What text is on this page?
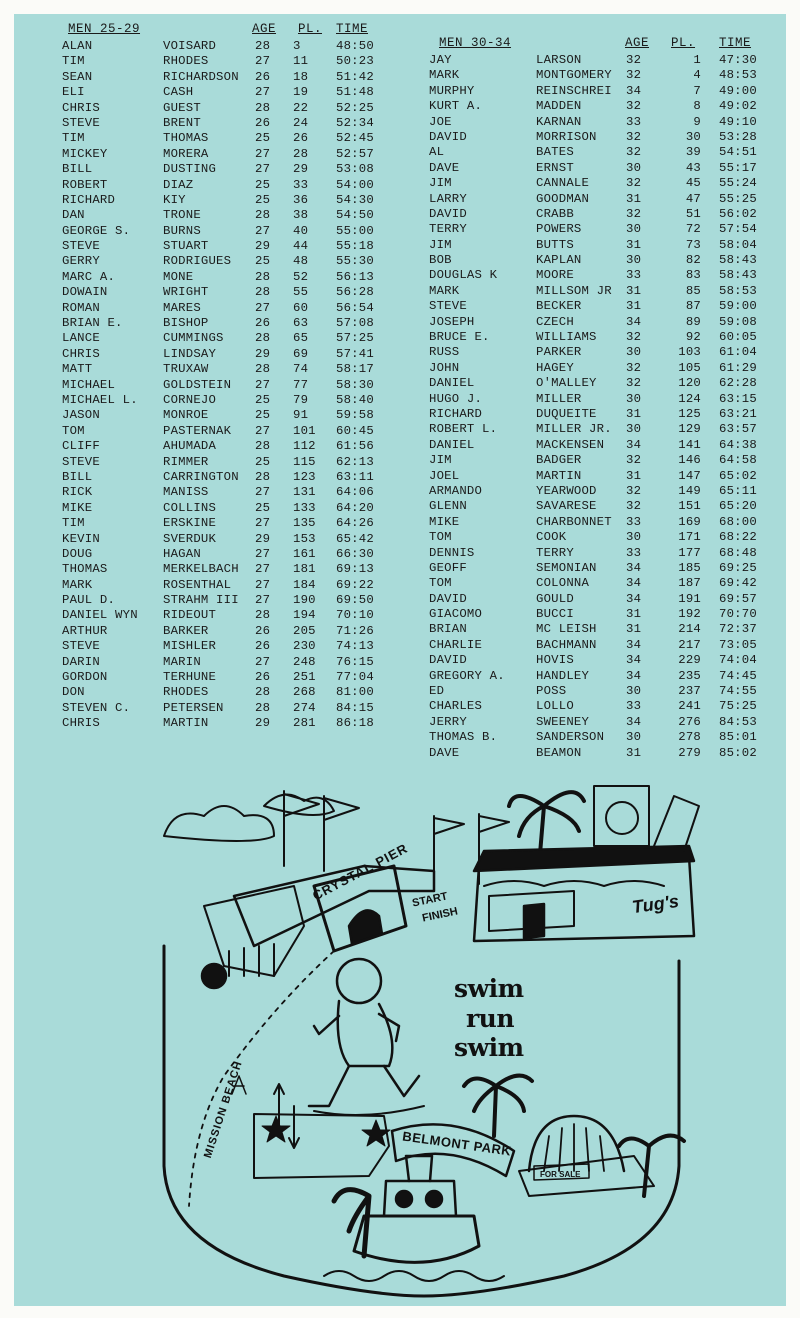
MEN 25-29	AGE PL. TIME
ALAN	VOISARD	28 3	48:50
TIM	RHODES	27 11 50:23
SEAN	RICHARDSON 26 18 51:42
ELI	CASH	27 19 51:48
CHRIS	GUEST	28 22 52:25
STEVE	BRENT	26 24 52:34
TIM	THOMAS	25 26 52:45
MICKEY	MORERA	27 28 52:57
BILL	DUSTING	27 29 53:08
ROBERT	DIAZ	25 33 54:00
RICHARD	KIY	25 36 54:30
DAN	TRONE	28 38 54:50
GEORGE S.	BURNS	27 40 55:00
STEVE	STUART	29 44 55:18
GERRY	RODRIGUES 25 48 55:30
MARC A.	MONE	28 52 56:13
DOWAIN	WRIGHT	28 55 56:28
ROMAN	MARES	27 60 56:54
BRIAN E.	BISHOP	26 63 57:08
LANCE	CUMMINGS	28 65 57:25
CHRIS	LINDSAY	29 69 57:41
MATT	TRUXAW	28 74 58:17
MICHAEL	GOLDSTEIN 27 77 58:30
MICHAEL L. CORNEJO	25 79 58:40
JASON	MONROE	25 91 59:58
TOM	PASTERNAK 27 101 60:45
CLIFF	AHUMADA	28 112 61:56
STEVE	RIMMER	25 115 62:13
BILL	CARRINGTON 28 123 63:11
RICK	MANISS	27 131 64:06
MIKE	COLLINS	25 133 64:20
TIM	ERSKINE	27 135 64:26
KEVIN	SVERDUK	29 153 65:42
DOUG	HAGAN	27 161 66:30
THOMAS	MERKELBACH 27 181 69:13
MARK	ROSENTHAL 27 184 69:22
PAUL D.	STRAHM III 27 190 69:50
DANIEL WYN RIDEOUT	28 194 70:10
ARTHUR	BARKER	26 205 71:26
STEVE	MISHLER	26 230 74:13
DARIN	MARIN	27 248 76:15
GORDON	TERHUNE	26 251 77:04
DON	RHODES	28 268 81:00
STEVEN C.	PETERSEN	28 274 84:15
CHRIS	MARTIN	29 281 86:18
MEN 30-34	AGE PL. TIME
JAY	LARSON	32	1 47:30
MARK	MONTGOMERY 32	4 48:53
MURPHY	REINSCHREI 34	7 49:00
KURT A.	MADDEN	32	8 49:02
JOE	KARNAN	33	9 49:10
DAVID	MORRISON 32	30 53:28
AL	BATES	32	39 54:51
DAVE	ERNST	30	43 55:17
JIM	CANNALE	32	45 55:24
LARRY	GOODMAN	31	47 55:25
DAVID	CRABB	32	51 56:02
TERRY	POWERS	30	72 57:54
JIM	BUTTS	31	73 58:04
BOB	KAPLAN	30	82 58:43
DOUGLAS K	MOORE	33	83 58:43
MARK	MILLSOM JR 31	85 58:53
STEVE	BECKER	31	87 59:00
JOSEPH	CZECH	34	89 59:08
BRUCE E.	WILLIAMS 32	92 60:05
RUSS	PARKER	30	103 61:04
JOHN	HAGEY	32	105 61:29
DANIEL	O'MALLEY 32	120 62:28
HUGO J.	MILLER	30	124 63:15
RICHARD	DUQUEITE 31	125 63:21
ROBERT L.	MILLER JR. 30	129 63:57
DANIEL	MACKENSEN 34	141 64:38
JIM	BADGER	32	146 64:58
JOEL	MARTIN	31	147 65:02
ARMANDO	YEARWOOD 32	149 65:11
GLENN	SAVARESE 32	151 65:20
MIKE	CHARBONNET 33	169 68:00
TOM	COOK	30	171 68:22
DENNIS	TERRY	33	177 68:48
GEOFF	SEMONIAN 34	185 69:25
TOM	COLONNA	34	187 69:42
DAVID	GOULD	34	191 69:57
GIACOMO	BUCCI	31	192 70:70
BRIAN	MC LEISH 31	214 72:37
CHARLIE	BACHMANN 34	217 73:05
DAVID	HOVIS	34	229 74:04
GREGORY A.	HANDLEY	34	235 74:45
ED	POSS	30	237 74:55
CHARLES	LOLLO	33	241 75:25
JERRY	SWEENEY	34	276 84:53
THOMAS B.	SANDERSON 30	278 85:01
DAVE	BEAMON	31	279 85:02
CRYSTAL PIER START
FINISH	Tug's
MISSION BEACH	BELMONT PARK
FOR SALE
swim
run
swim
